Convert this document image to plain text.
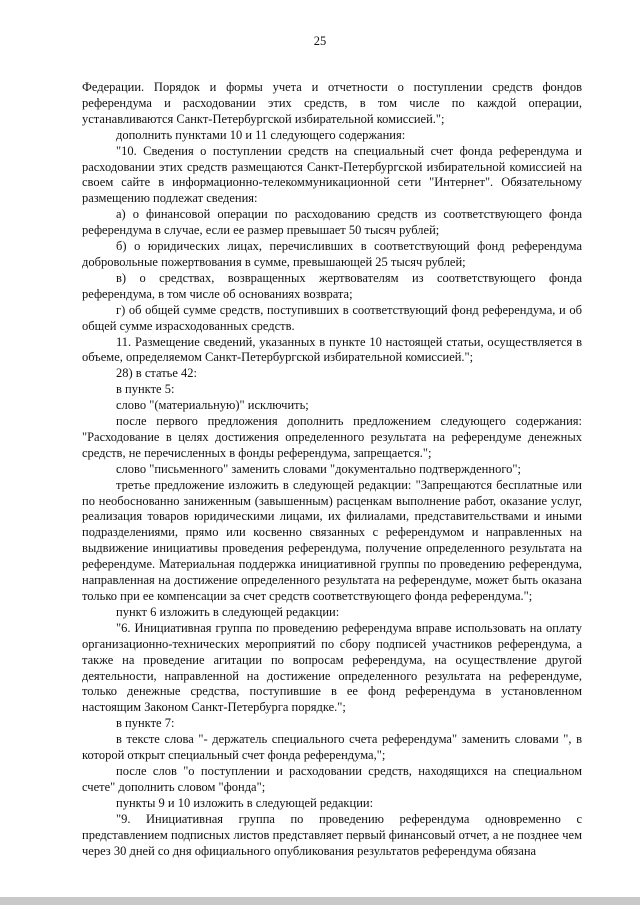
25

Федерации. Порядок и формы учета и отчетности о поступлении средств фондов референдума и расходовании этих средств, в том числе по каждой операции, устанавливаются Санкт-Петербургской избирательной комиссией.";

дополнить пунктами 10 и 11 следующего содержания:

"10. Сведения о поступлении средств на специальный счет фонда референдума и расходовании этих средств размещаются Санкт-Петербургской избирательной комиссией на своем сайте в информационно-телекоммуникационной сети "Интернет". Обязательному размещению подлежат сведения:

а) о финансовой операции по расходованию средств из соответствующего фонда референдума в случае, если ее размер превышает 50 тысяч рублей;

б) о юридических лицах, перечисливших в соответствующий фонд референдума добровольные пожертвования в сумме, превышающей 25 тысяч рублей;

в) о средствах, возвращенных жертвователям из соответствующего фонда референдума, в том числе об основаниях возврата;

г) об общей сумме средств, поступивших в соответствующий фонд референдума, и об общей сумме израсходованных средств.

11. Размещение сведений, указанных в пункте 10 настоящей статьи, осуществляется в объеме, определяемом Санкт-Петербургской избирательной комиссией.";

28) в статье 42:

в пункте 5:

слово "(материальную)" исключить;

после первого предложения дополнить предложением следующего содержания: "Расходование в целях достижения определенного результата на референдуме денежных средств, не перечисленных в фонды референдума, запрещается.";

слово "письменного" заменить словами "документально подтвержденного";

третье предложение изложить в следующей редакции: "Запрещаются бесплатные или по необоснованно заниженным (завышенным) расценкам выполнение работ, оказание услуг, реализация товаров юридическими лицами, их филиалами, представительствами и иными подразделениями, прямо или косвенно связанных с референдумом и направленных на выдвижение инициативы проведения референдума, получение определенного результата на референдуме. Материальная поддержка инициативной группы по проведению референдума, направленная на достижение определенного результата на референдуме, может быть оказана только при ее компенсации за счет средств соответствующего фонда референдума.";

пункт 6 изложить в следующей редакции:

"6. Инициативная группа по проведению референдума вправе использовать на оплату организационно-технических мероприятий по сбору подписей участников референдума, а также на проведение агитации по вопросам референдума, на осуществление другой деятельности, направленной на достижение определенного результата на референдуме, только денежные средства, поступившие в ее фонд референдума в установленном настоящим Законом Санкт-Петербурга порядке.";

в пункте 7:

в тексте слова "- держатель специального счета референдума" заменить словами ", в которой открыт специальный счет фонда референдума,";

после слов "о поступлении и расходовании средств, находящихся на специальном счете" дополнить словом "фонда";

пункты 9 и 10 изложить в следующей редакции:

"9. Инициативная группа по проведению референдума одновременно с представлением подписных листов представляет первый финансовый отчет, а не позднее чем через 30 дней со дня официального опубликования результатов референдума обязана
